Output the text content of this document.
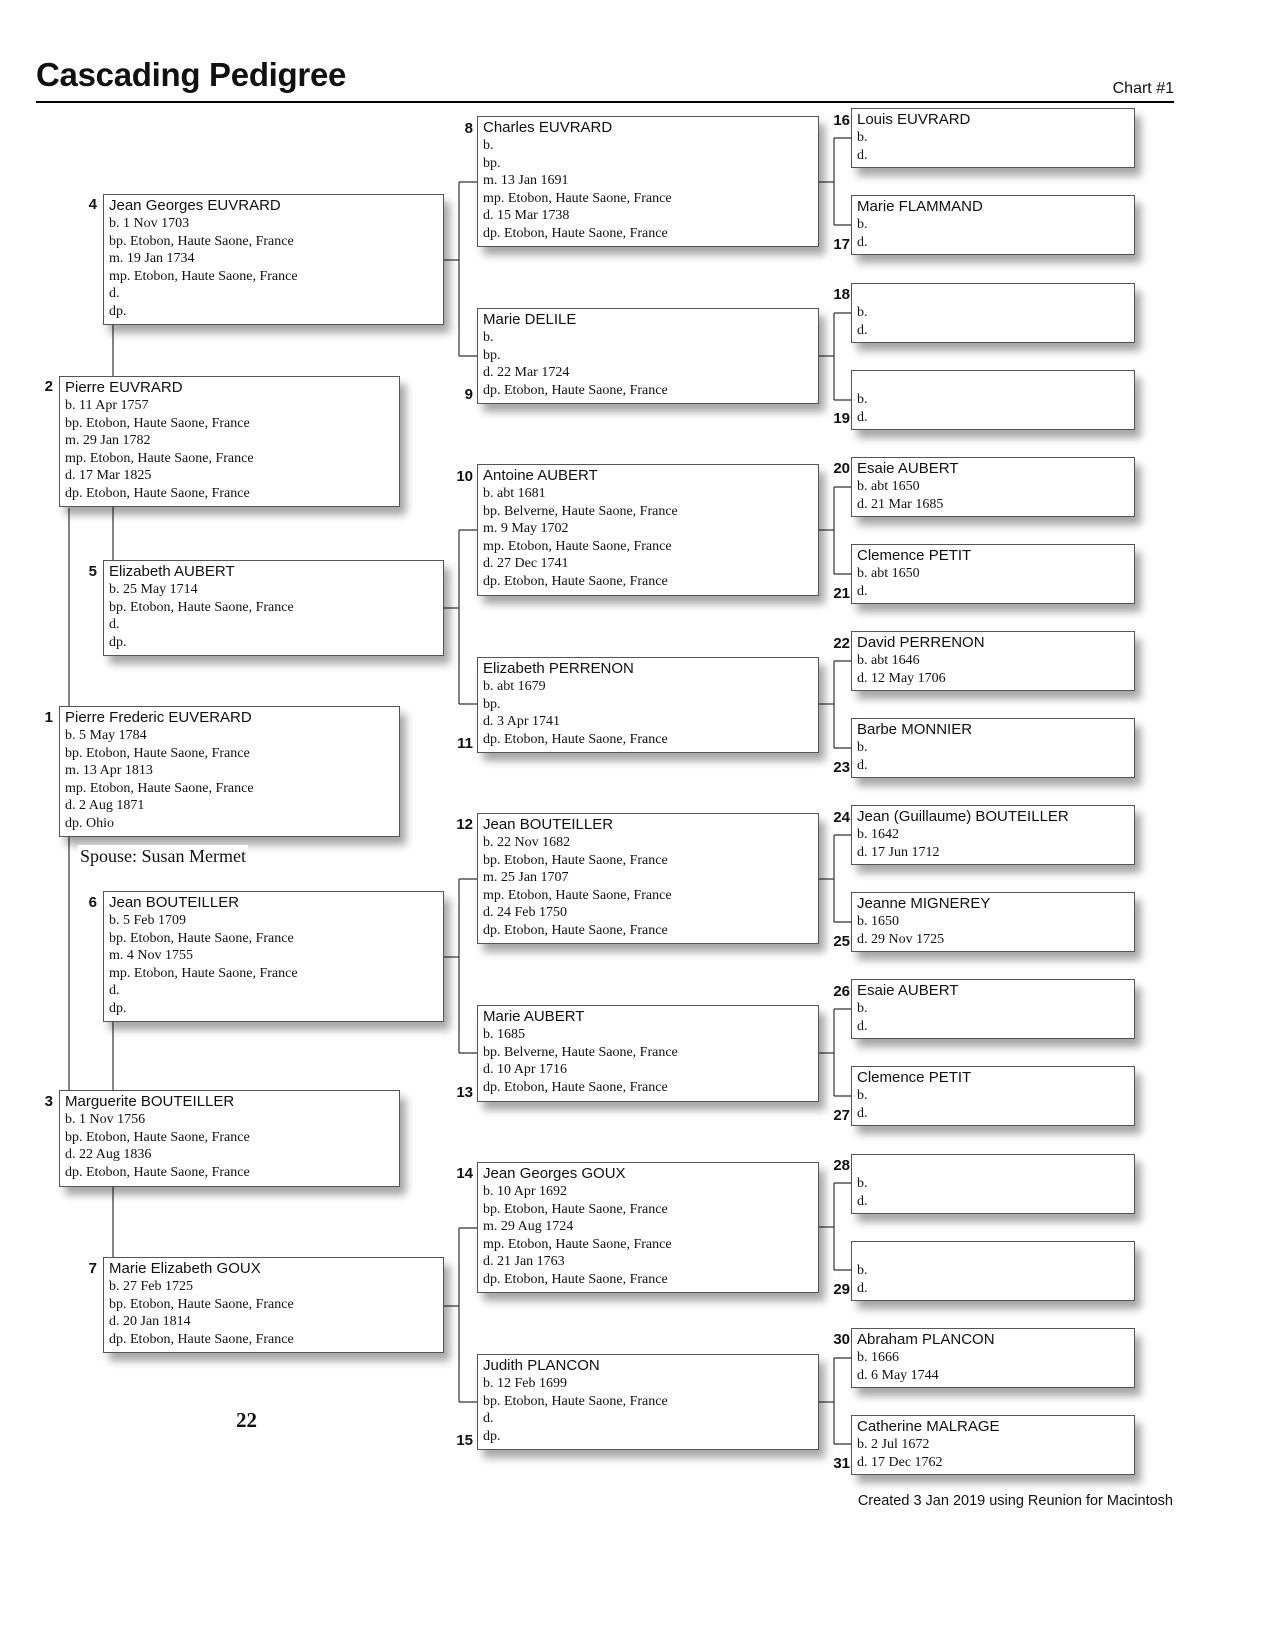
Cascading Pedigree	Chart #1
1 Pierre Frederic EUVERARD
b. 5 May 1784
bp. Etobon, Haute Saone, France
m. 13 Apr 1813
mp. Etobon, Haute Saone, France
d. 2 Aug 1871
dp. Ohio
Spouse: Susan Mermet
2 Pierre EUVRARD
b. 11 Apr 1757
bp. Etobon, Haute Saone, France
m. 29 Jan 1782
mp. Etobon, Haute Saone, France
d. 17 Mar 1825
dp. Etobon, Haute Saone, France
3 Marguerite BOUTEILLER
b. 1 Nov 1756
bp. Etobon, Haute Saone, France
d. 22 Aug 1836
dp. Etobon, Haute Saone, France
4 Jean Georges EUVRARD
b. 1 Nov 1703
bp. Etobon, Haute Saone, France
m. 19 Jan 1734
mp. Etobon, Haute Saone, France
d.
dp.
5 Elizabeth AUBERT
b. 25 May 1714
bp. Etobon, Haute Saone, France
d.
dp.
6 Jean BOUTEILLER
b. 5 Feb 1709
bp. Etobon, Haute Saone, France
m. 4 Nov 1755
mp. Etobon, Haute Saone, France
d.
dp.
7 Marie Elizabeth GOUX
b. 27 Feb 1725
bp. Etobon, Haute Saone, France
d. 20 Jan 1814
dp. Etobon, Haute Saone, France
8 Charles EUVRARD
b.
bp.
m. 13 Jan 1691
mp. Etobon, Haute Saone, France
d. 15 Mar 1738
dp. Etobon, Haute Saone, France
9
Marie DELILE
b.
bp.
d. 22 Mar 1724
dp. Etobon, Haute Saone, France
10 Antoine AUBERT
b. abt 1681
bp. Belverne, Haute Saone, France
m. 9 May 1702
mp. Etobon, Haute Saone, France
d. 27 Dec 1741
dp. Etobon, Haute Saone, France
11
Elizabeth PERRENON
b. abt 1679
bp.
d. 3 Apr 1741
dp. Etobon, Haute Saone, France
12 Jean BOUTEILLER
b. 22 Nov 1682
bp. Etobon, Haute Saone, France
m. 25 Jan 1707
mp. Etobon, Haute Saone, France
d. 24 Feb 1750
dp. Etobon, Haute Saone, France
13
Marie AUBERT
b. 1685
bp. Belverne, Haute Saone, France
d. 10 Apr 1716
dp. Etobon, Haute Saone, France
14 Jean Georges GOUX
b. 10 Apr 1692
bp. Etobon, Haute Saone, France
m. 29 Aug 1724
mp. Etobon, Haute Saone, France
d. 21 Jan 1763
dp. Etobon, Haute Saone, France
15
Judith PLANCON
b. 12 Feb 1699
bp. Etobon, Haute Saone, France
d.
dp.
16 Louis EUVRARD
b.
d.
17
Marie FLAMMAND
b.
d.
18
b.
d.
19
b.
d.
20 Esaie AUBERT
b. abt 1650
d. 21 Mar 1685
21
Clemence PETIT
b. abt 1650
d.
22 David PERRENON
b. abt 1646
d. 12 May 1706
23
Barbe MONNIER
b.
d.
24 Jean (Guillaume) BOUTEILLER
b. 1642
d. 17 Jun 1712
25
Jeanne MIGNEREY
b. 1650
d. 29 Nov 1725
26 Esaie AUBERT
b.
d.
27
Clemence PETIT
b.
d.
28
b.
d.
29
b.
d.
30 Abraham PLANCON
b. 1666
d. 6 May 1744
31
Catherine MALRAGE
b. 2 Jul 1672
d. 17 Dec 1762
22
Created 3 Jan 2019 using Reunion for Macintosh
